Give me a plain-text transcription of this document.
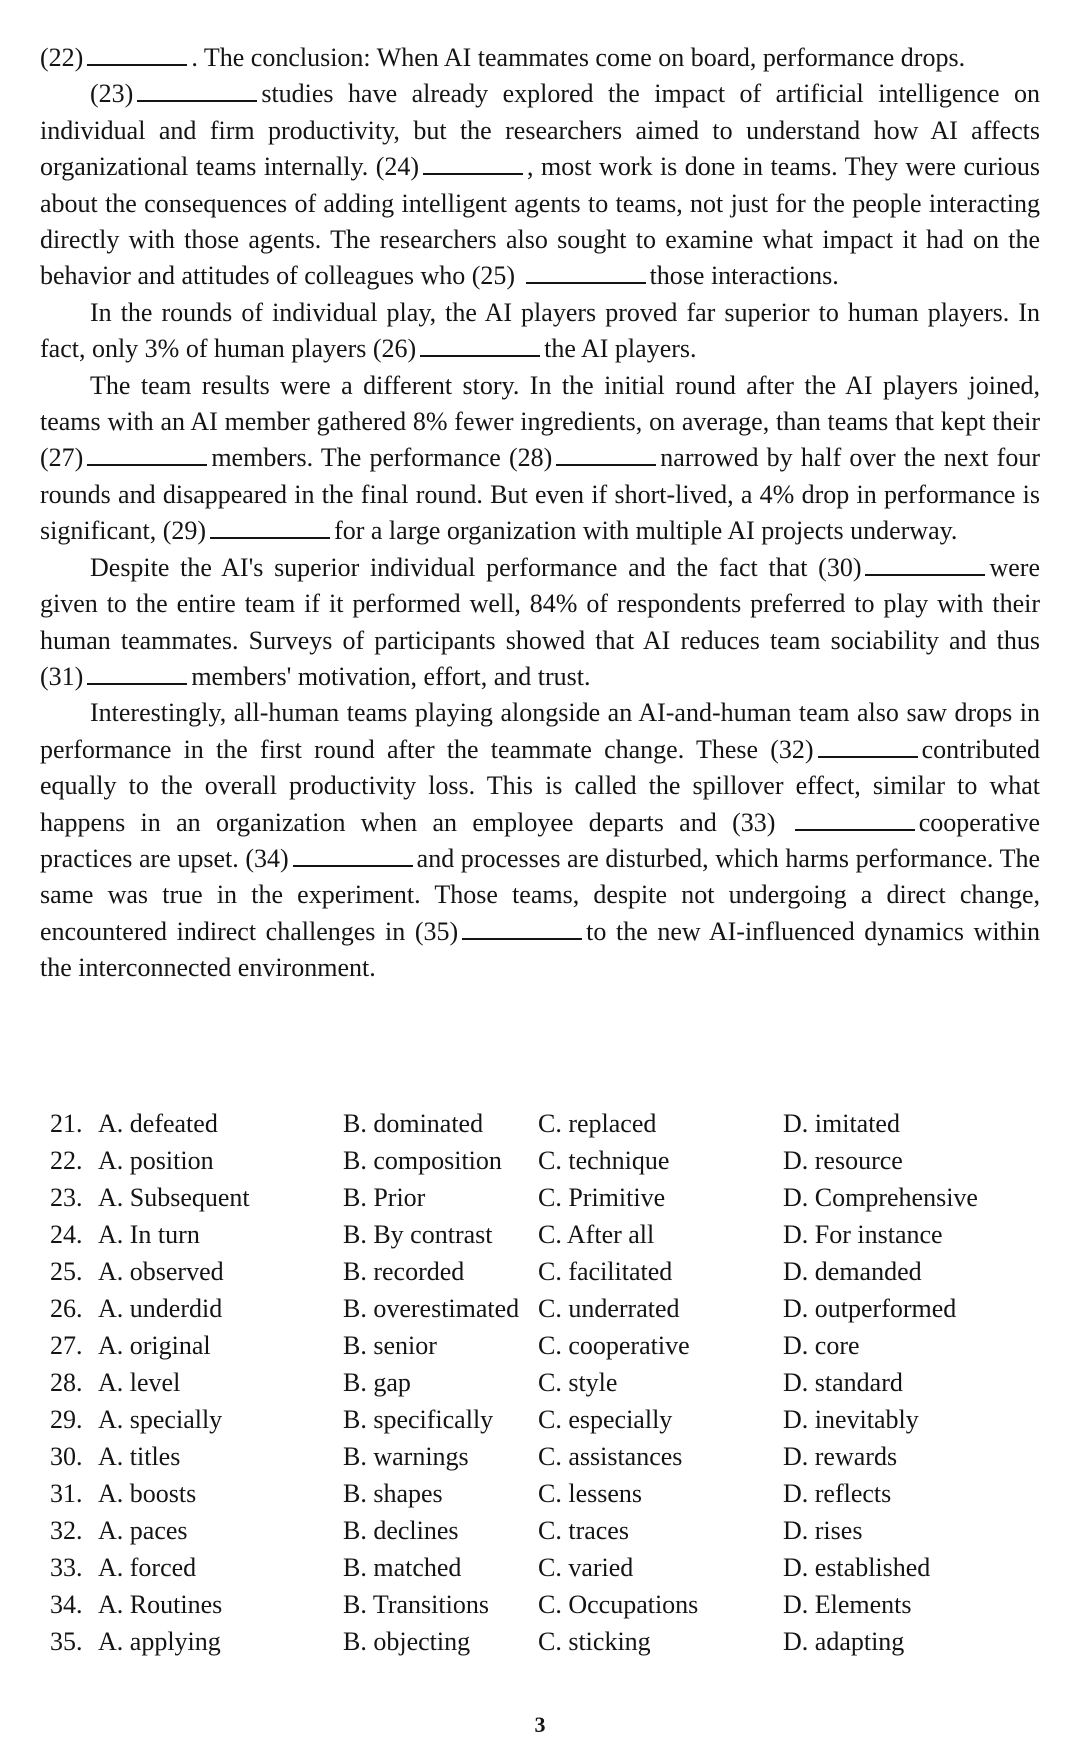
(22)	. The conclusion: When AI teammates come on board, performance drops.

(23)	studies have already explored the impact of artificial intelligence on individual and firm productivity, but the researchers aimed to understand how AI affects organizational teams internally. (24)	, most work is done in teams. They were curious about the consequences of adding intelligent agents to teams, not just for the people interacting directly with those agents. The researchers also sought to examine what impact it had on the behavior and attitudes of colleagues who (25)	those interactions.

In the rounds of individual play, the AI players proved far superior to human players. In fact, only 3% of human players (26)	the AI players.

The team results were a different story. In the initial round after the AI players joined, teams with an AI member gathered 8% fewer ingredients, on average, than teams that kept their (27)	members. The performance (28)	narrowed by half over the next four rounds and disappeared in the final round. But even if short-lived, a 4% drop in performance is significant, (29)	for a large organization with multiple AI projects underway.

Despite the AI's superior individual performance and the fact that (30)	were given to the entire team if it performed well, 84% of respondents preferred to play with their human teammates. Surveys of participants showed that AI reduces team sociability and thus (31)	members' motivation, effort, and trust.

Interestingly, all-human teams playing alongside an AI-and-human team also saw drops in performance in the first round after the teammate change. These (32)	contributed equally to the overall productivity loss. This is called the spillover effect, similar to what happens in an organization when an employee departs and (33)	cooperative practices are upset. (34)	and processes are disturbed, which harms performance. The same was true in the experiment. Those teams, despite not undergoing a direct change, encountered indirect challenges in (35)	to the new AI-influenced dynamics within the interconnected environment.

21. A. defeated	B. dominated	C. replaced	D. imitated
22. A. position	B. composition	C. technique	D. resource
23. A. Subsequent	B. Prior	C. Primitive	D. Comprehensive
24. A. In turn	B. By contrast	C. After all	D. For instance
25. A. observed	B. recorded	C. facilitated	D. demanded
26. A. underdid	B. overestimated C. underrated	D. outperformed
27. A. original	B. senior	C. cooperative	D. core
28. A. level	B. gap	C. style	D. standard
29. A. specially	B. specifically	C. especially	D. inevitably
30. A. titles	B. warnings	C. assistances	D. rewards
31. A. boosts	B. shapes	C. lessens	D. reflects
32. A. paces	B. declines	C. traces	D. rises
33. A. forced	B. matched	C. varied	D. established
34. A. Routines	B. Transitions	C. Occupations	D. Elements
35. A. applying	B. objecting	C. sticking	D. adapting
3
